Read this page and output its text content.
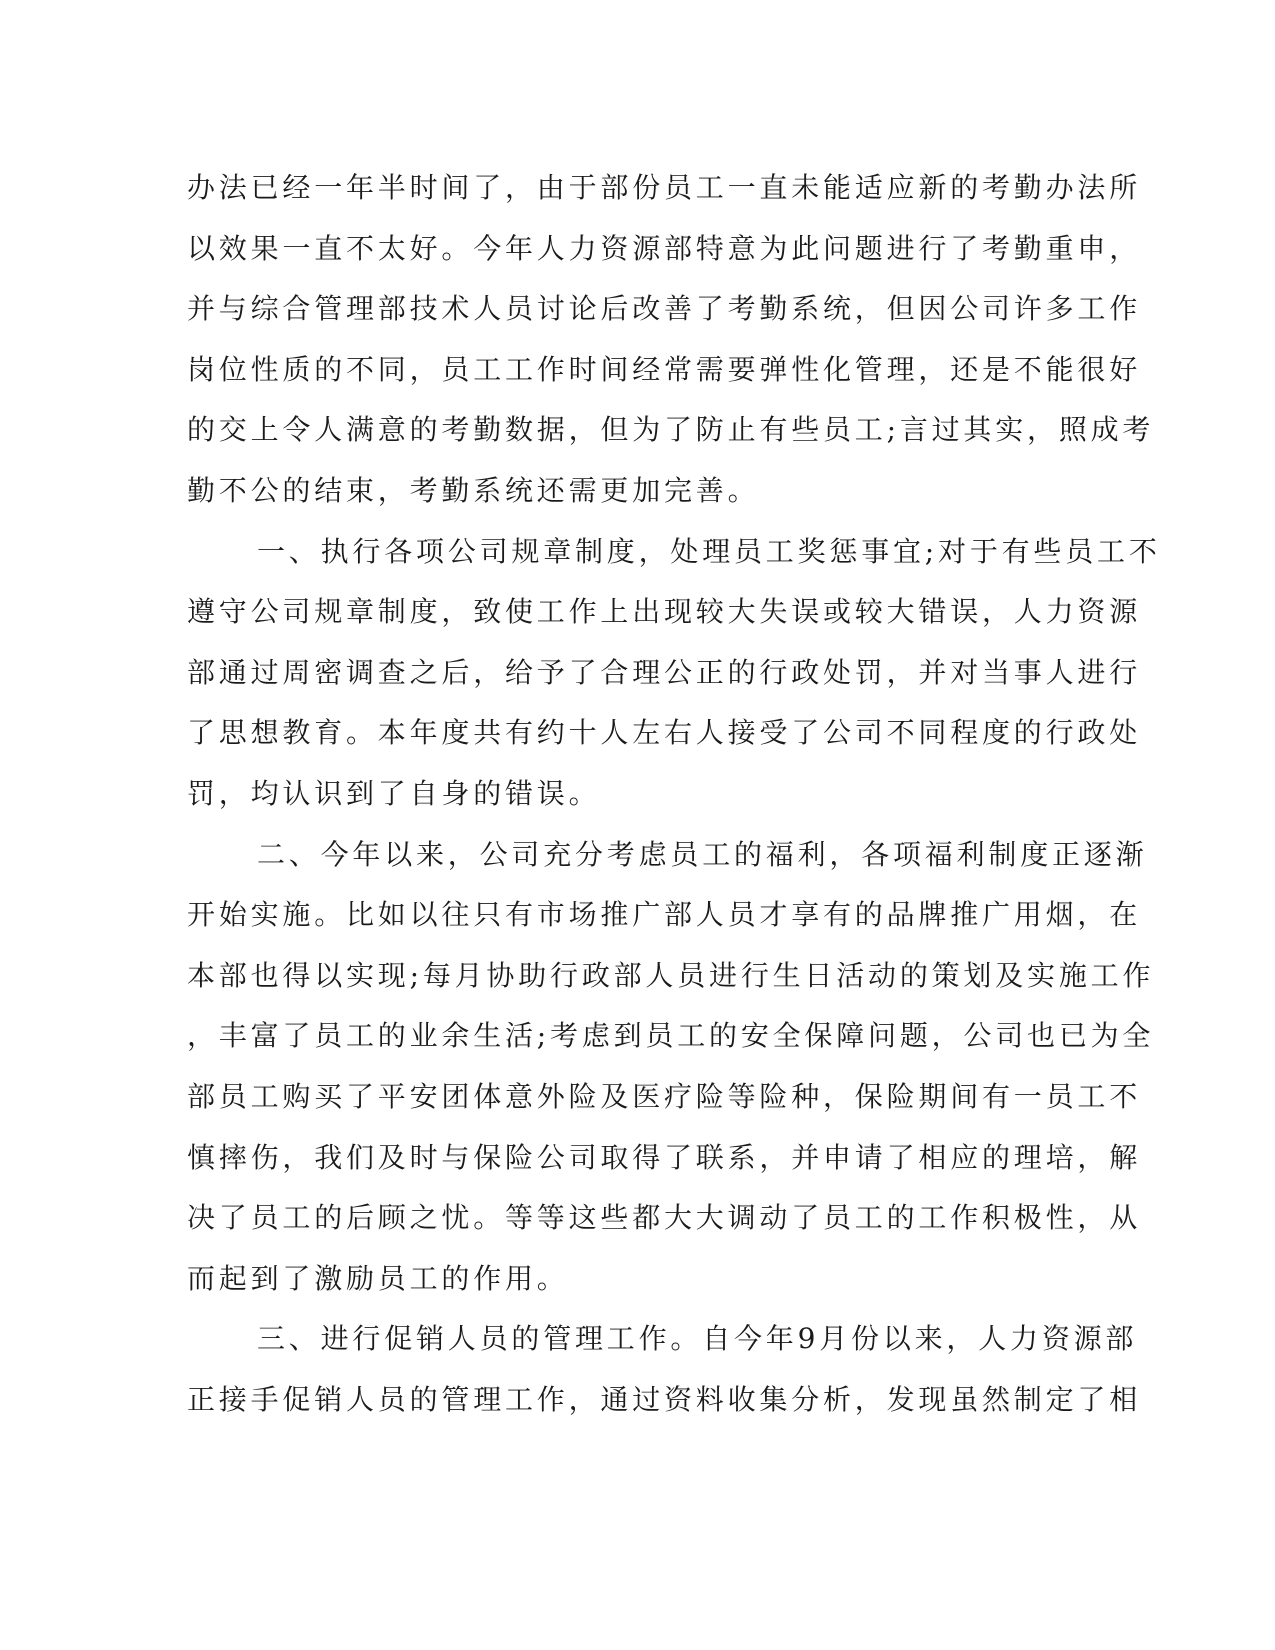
办法已经一年半时间了，由于部份员工一直未能适应新的考勤办法所
以效果一直不太好。今年人力资源部特意为此问题进行了考勤重申，
并与综合管理部技术人员讨论后改善了考勤系统，但因公司许多工作
岗位性质的不同，员工工作时间经常需要弹性化管理，还是不能很好
的交上令人满意的考勤数据，但为了防止有些员工;言过其实，照成考
勤不公的结束，考勤系统还需更加完善。
一、执行各项公司规章制度，处理员工奖惩事宜;对于有些员工不
遵守公司规章制度，致使工作上出现较大失误或较大错误，人力资源
部通过周密调查之后，给予了合理公正的行政处罚，并对当事人进行
了思想教育。本年度共有约十人左右人接受了公司不同程度的行政处
罚，均认识到了自身的错误。
二、今年以来，公司充分考虑员工的福利，各项福利制度正逐渐
开始实施。比如以往只有市场推广部人员才享有的品牌推广用烟，在
本部也得以实现;每月协助行政部人员进行生日活动的策划及实施工作
，丰富了员工的业余生活;考虑到员工的安全保障问题，公司也已为全
部员工购买了平安团体意外险及医疗险等险种，保险期间有一员工不
慎摔伤，我们及时与保险公司取得了联系，并申请了相应的理培，解
决了员工的后顾之忧。等等这些都大大调动了员工的工作积极性，从
而起到了激励员工的作用。
三、进行促销人员的管理工作。自今年9月份以来，人力资源部
正接手促销人员的管理工作，通过资料收集分析，发现虽然制定了相
